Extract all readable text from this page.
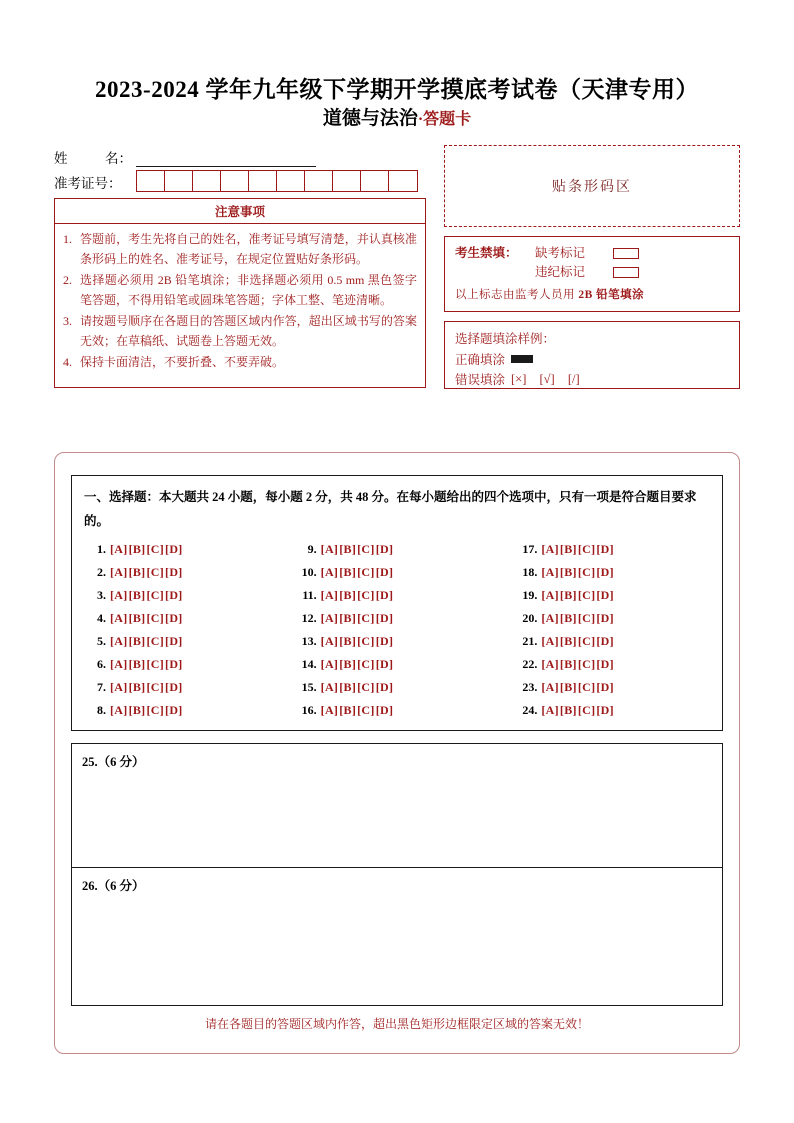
2023-2024 学年九年级下学期开学摸底考试卷（天津专用）
道德与法治·答题卡
姓	名：
准考证号：
注意事项
1. 答题前，考生先将自己的姓名，准考证号填写清楚，并认真核准条形码上的姓名、准考证号，在规定位置贴好条形码。
2. 选择题必须用 2B 铅笔填涂；非选择题必须用 0.5 mm 黑色签字笔答题，不得用铅笔或圆珠笔答题；字体工整、笔迹清晰。
3. 请按题号顺序在各题目的答题区域内作答，超出区域书写的答案无效；在草稿纸、试题卷上答题无效。
4. 保持卡面清洁，不要折叠、不要弄破。
贴条形码区
考生禁填：	缺考标记
违纪标记
以上标志由监考人员用 2B 铅笔填涂
选择题填涂样例：
正确填涂
错误填涂 [×] [√] [/]
一、选择题：本大题共 24 小题，每小题 2 分，共 48 分。在每小题给出的四个选项中，只有一项是符合题目要求的。
1. [A][B][C][D]
2. [A][B][C][D]
3. [A][B][C][D]
4. [A][B][C][D]
5. [A][B][C][D]
6. [A][B][C][D]
7. [A][B][C][D]
8. [A][B][C][D]
9. [A][B][C][D]
10. [A][B][C][D]
11. [A][B][C][D]
12. [A][B][C][D]
13. [A][B][C][D]
14. [A][B][C][D]
15. [A][B][C][D]
16. [A][B][C][D]
17. [A][B][C][D]
18. [A][B][C][D]
19. [A][B][C][D]
20. [A][B][C][D]
21. [A][B][C][D]
22. [A][B][C][D]
23. [A][B][C][D]
24. [A][B][C][D]
25.（6 分）
26.（6 分）
请在各题目的答题区域内作答，超出黑色矩形边框限定区域的答案无效！
